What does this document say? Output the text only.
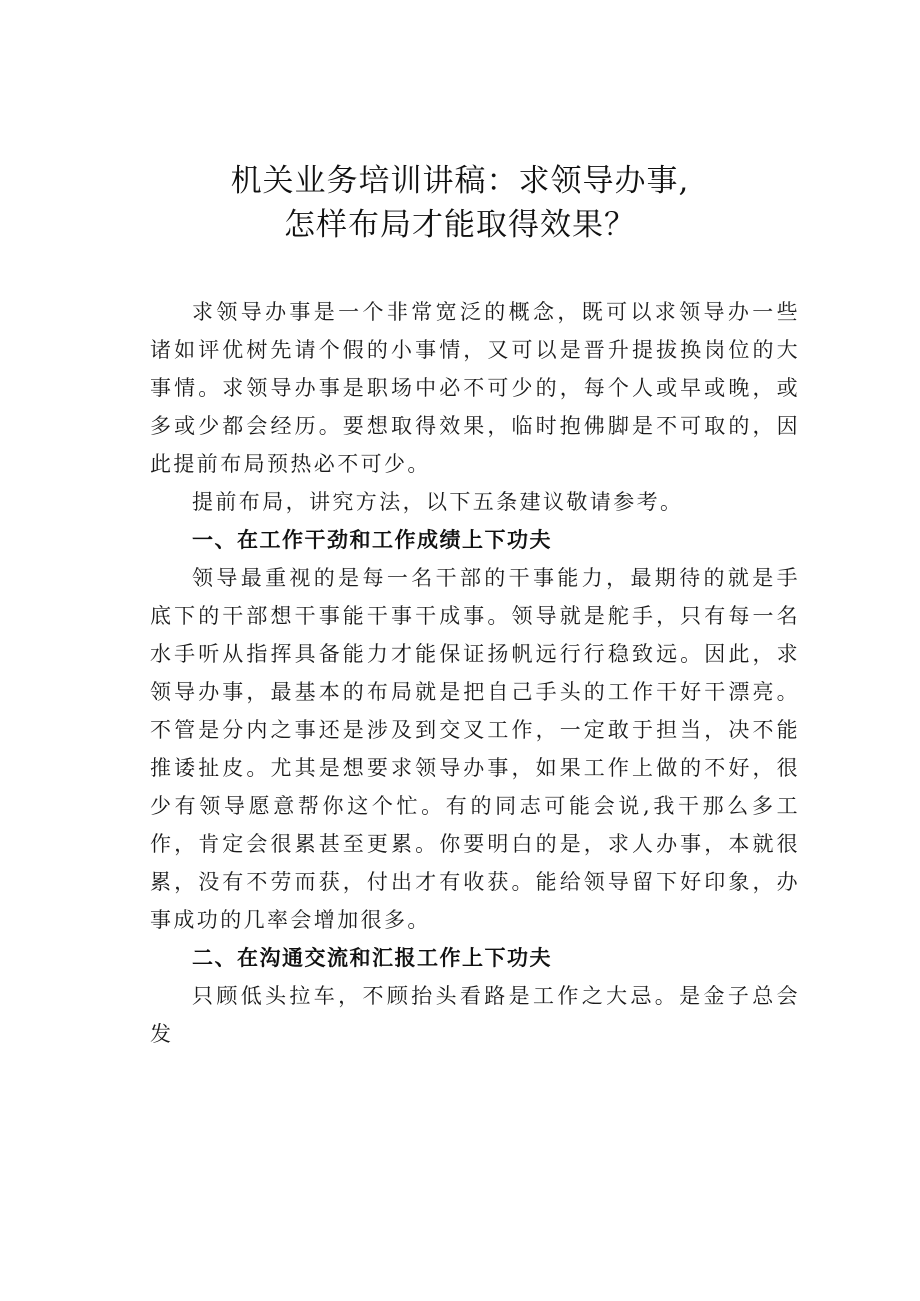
机关业务培训讲稿：求领导办事,
怎样布局才能取得效果？

求领导办事是一个非常宽泛的概念，既可以求领导办一些诸如评优树先请个假的小事情，又可以是晋升提拔换岗位的大事情。求领导办事是职场中必不可少的，每个人或早或晚，或多或少都会经历。要想取得效果，临时抱佛脚是不可取的，因此提前布局预热必不可少。

提前布局，讲究方法，以下五条建议敬请参考。

一、在工作干劲和工作成绩上下功夫

领导最重视的是每一名干部的干事能力，最期待的就是手底下的干部想干事能干事干成事。领导就是舵手，只有每一名水手听从指挥具备能力才能保证扬帆远行行稳致远。因此，求领导办事，最基本的布局就是把自己手头的工作干好干漂亮。不管是分内之事还是涉及到交叉工作，一定敢于担当，决不能推诿扯皮。尤其是想要求领导办事，如果工作上做的不好，很少有领导愿意帮你这个忙。有的同志可能会说,我干那么多工作，肯定会很累甚至更累。你要明白的是，求人办事，本就很累，没有不劳而获，付出才有收获。能给领导留下好印象，办事成功的几率会增加很多。

二、在沟通交流和汇报工作上下功夫

只顾低头拉车，不顾抬头看路是工作之大忌。是金子总会发
